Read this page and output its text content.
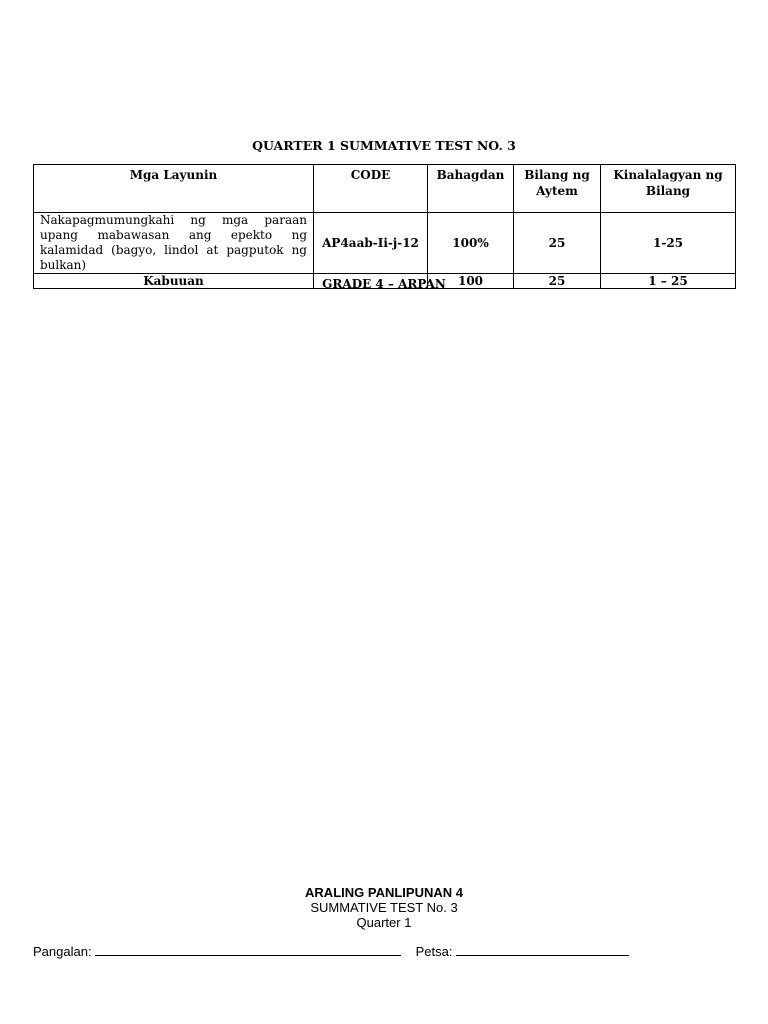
QUARTER 1 SUMMATIVE TEST NO. 3
Mga Layunin	CODE	Bahagdan	Bilang ng Aytem	Kinalalagyan ng Bilang
Nakapagmumungkahi ng mga paraan upang mabawasan ang epekto ng kalamidad (bagyo, lindol at pagputok ng bulkan)	AP4aab-Ii-j-12	100%	25	1-25
Kabuuan		100	25	1 – 25
GRADE 4 – ARPAN
ARALING PANLIPUNAN 4
SUMMATIVE TEST No. 3
Quarter 1
Pangalan:	Petsa:
